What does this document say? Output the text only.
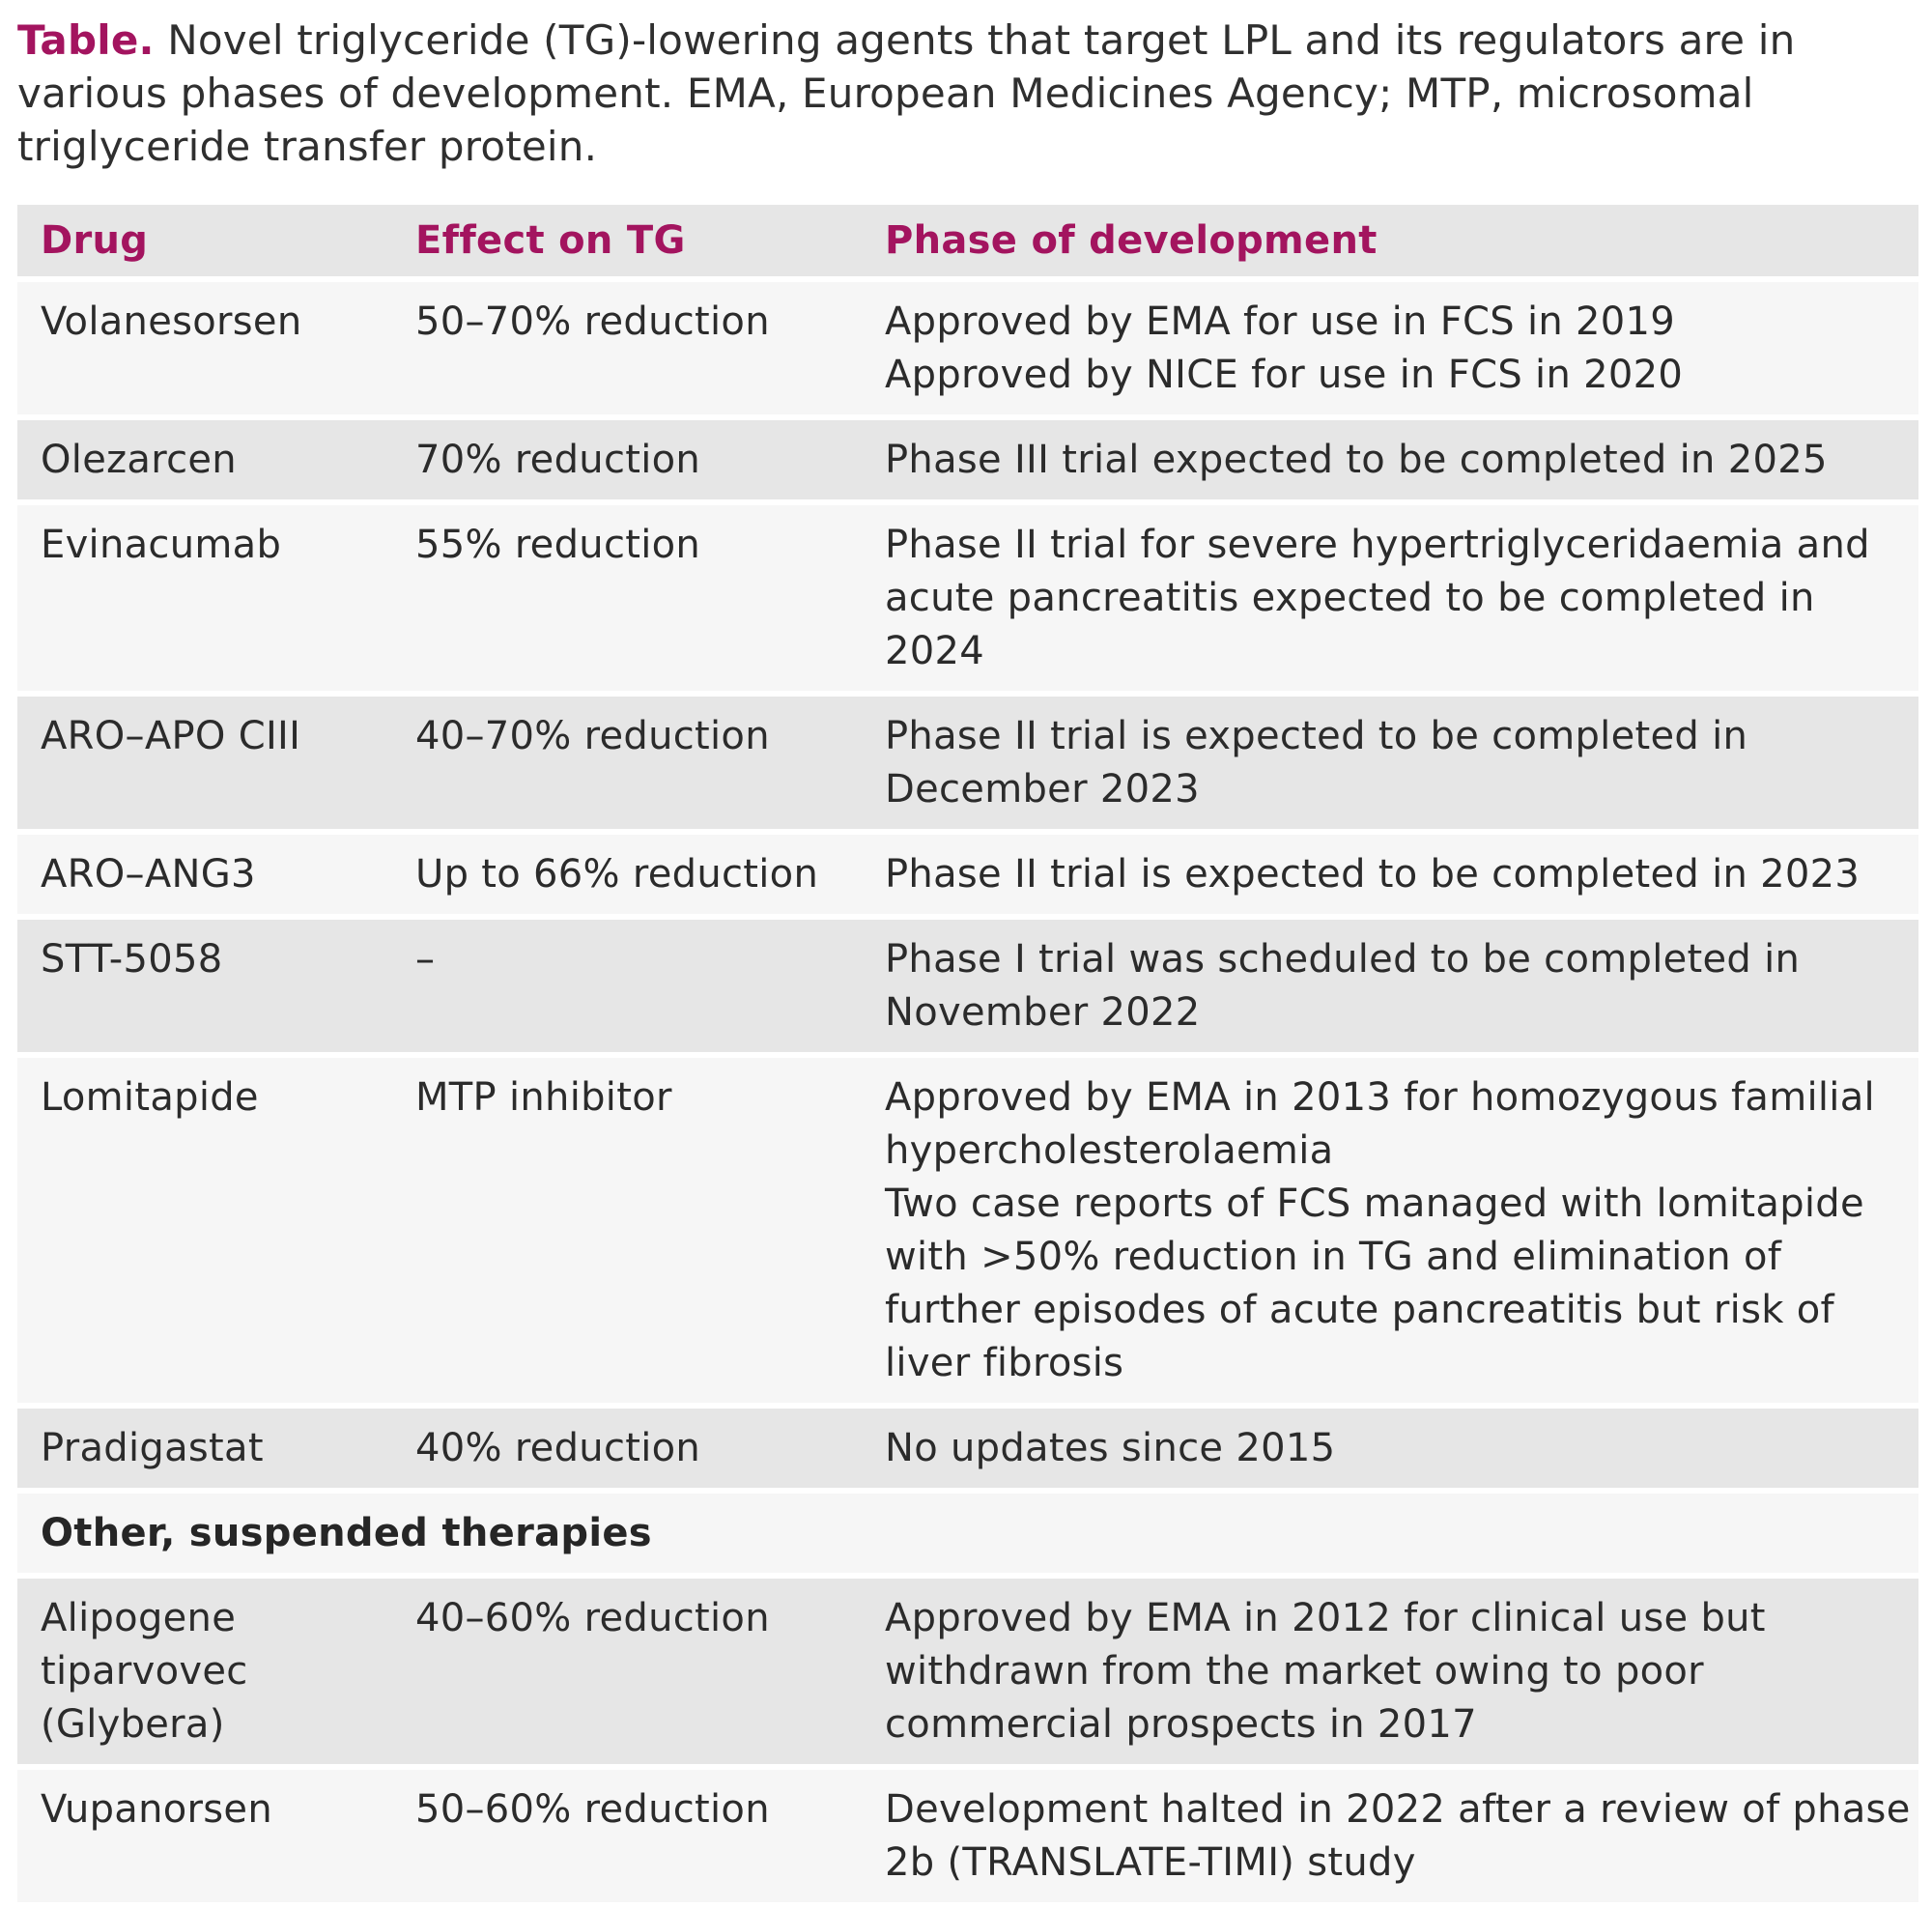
Table. Novel triglyceride (TG)-lowering agents that target LPL and its regulators are in various phases of development. EMA, European Medicines Agency; MTP, microsomal triglyceride transfer protein.

Drug	Effect on TG	Phase of development
Volanesorsen	50–70% reduction	Approved by EMA for use in FCS in 2019
Approved by NICE for use in FCS in 2020

Olezarcen	70% reduction	Phase III trial expected to be completed in 2025

Evinacumab	55% reduction	Phase II trial for severe hypertriglyceridaemia and acute pancreatitis expected to be completed in 2024

ARO–APO CIII	40–70% reduction	Phase II trial is expected to be completed in December 2023

ARO–ANG3	Up to 66% reduction	Phase II trial is expected to be completed in 2023

STT-5058	–	Phase I trial was scheduled to be completed in November 2022

Lomitapide	MTP inhibitor	Approved by EMA in 2013 for homozygous familial hypercholesterolaemia
Two case reports of FCS managed with lomitapide with >50% reduction in TG and elimination of further episodes of acute pancreatitis but risk of liver fibrosis

Pradigastat	40% reduction	No updates since 2015

Other, suspended therapies		
Alipogene tiparvovec (Glybera)	40–60% reduction	Approved by EMA in 2012 for clinical use but withdrawn from the market owing to poor commercial prospects in 2017

Vupanorsen	50–60% reduction	Development halted in 2022 after a review of phase 2b (TRANSLATE-TIMI) study
